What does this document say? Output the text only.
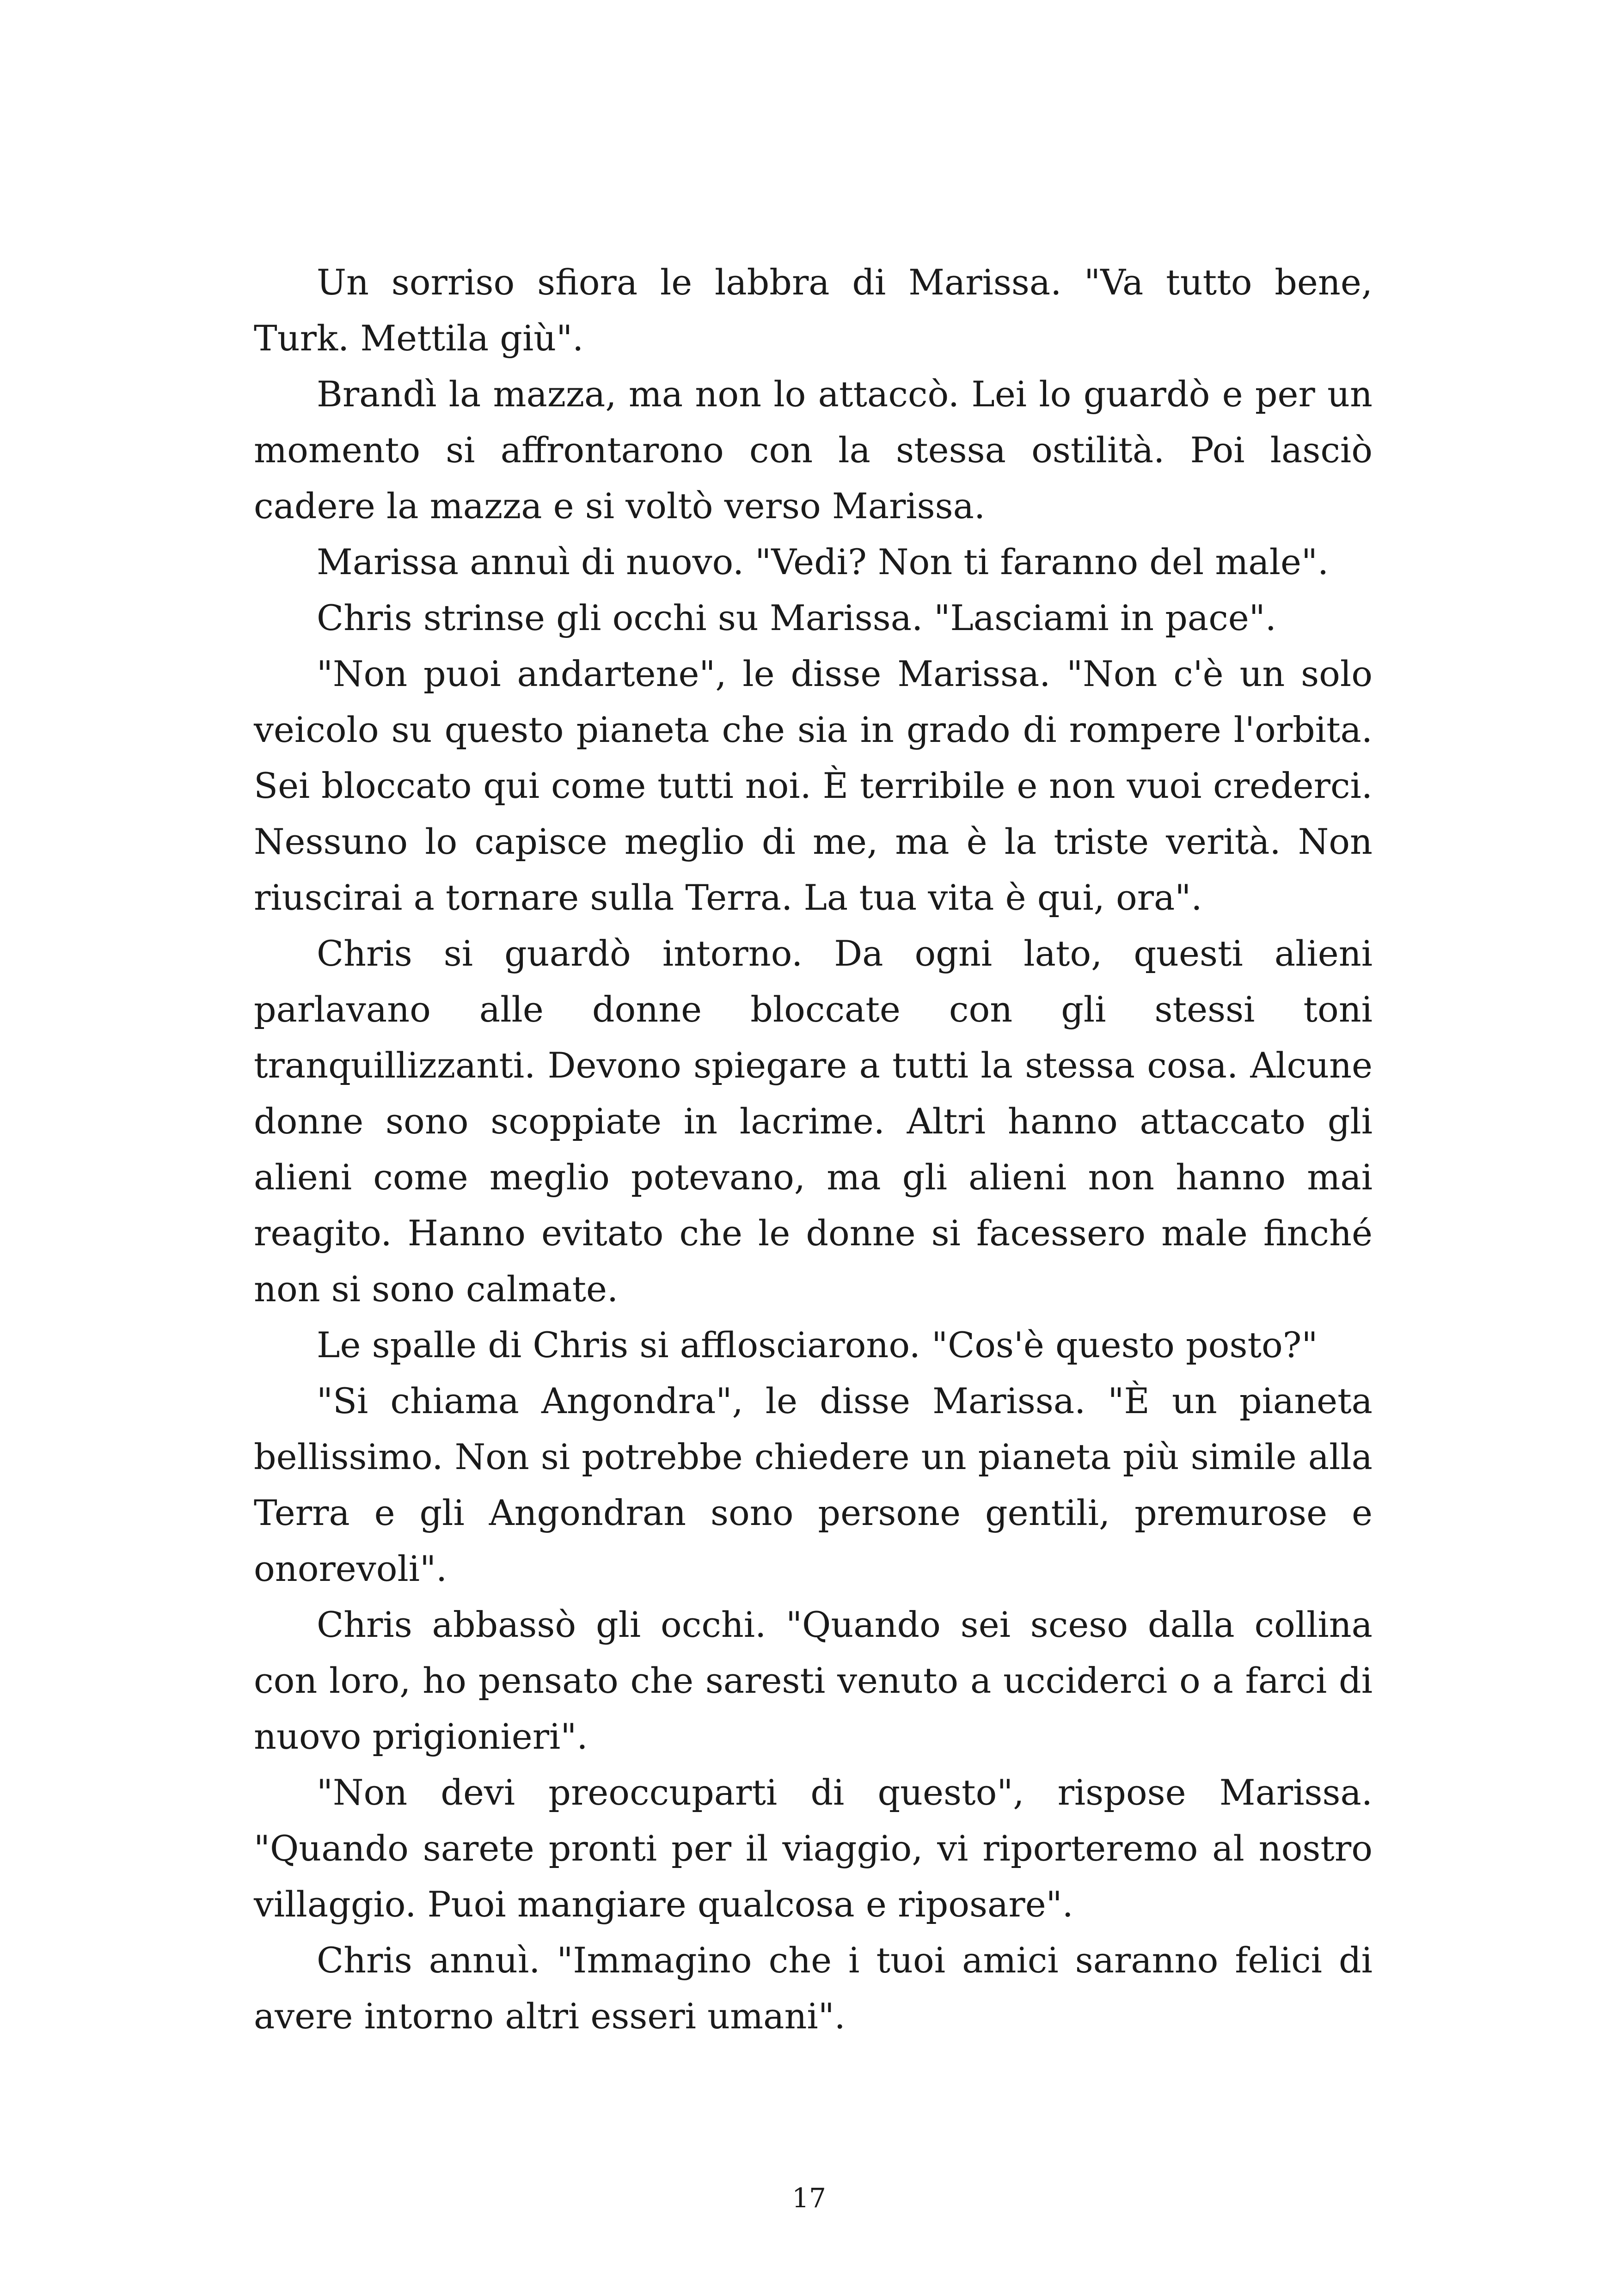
Un sorriso sfiora le labbra di Marissa. "Va tutto bene, Turk. Mettila giù".

Brandì la mazza, ma non lo attaccò. Lei lo guardò e per un momento si affrontarono con la stessa ostilità. Poi lasciò cadere la mazza e si voltò verso Marissa.

Marissa annuì di nuovo. "Vedi? Non ti faranno del male".

Chris strinse gli occhi su Marissa. "Lasciami in pace".

"Non puoi andartene", le disse Marissa. "Non c'è un solo veicolo su questo pianeta che sia in grado di rompere l'orbita. Sei bloccato qui come tutti noi. È terribile e non vuoi crederci. Nessuno lo capisce meglio di me, ma è la triste verità. Non riuscirai a tornare sulla Terra. La tua vita è qui, ora".

Chris si guardò intorno. Da ogni lato, questi alieni parlavano alle donne bloccate con gli stessi toni tranquillizzanti. Devono spiegare a tutti la stessa cosa. Alcune donne sono scoppiate in lacrime. Altri hanno attaccato gli alieni come meglio potevano, ma gli alieni non hanno mai reagito. Hanno evitato che le donne si facessero male finché non si sono calmate.

Le spalle di Chris si afflosciarono. "Cos'è questo posto?"

"Si chiama Angondra", le disse Marissa. "È un pianeta bellissimo. Non si potrebbe chiedere un pianeta più simile alla Terra e gli Angondran sono persone gentili, premurose e onorevoli".

Chris abbassò gli occhi. "Quando sei sceso dalla collina con loro, ho pensato che saresti venuto a ucciderci o a farci di nuovo prigionieri".

"Non devi preoccuparti di questo", rispose Marissa. "Quando sarete pronti per il viaggio, vi riporteremo al nostro villaggio. Puoi mangiare qualcosa e riposare".

Chris annuì. "Immagino che i tuoi amici saranno felici di avere intorno altri esseri umani".

17
